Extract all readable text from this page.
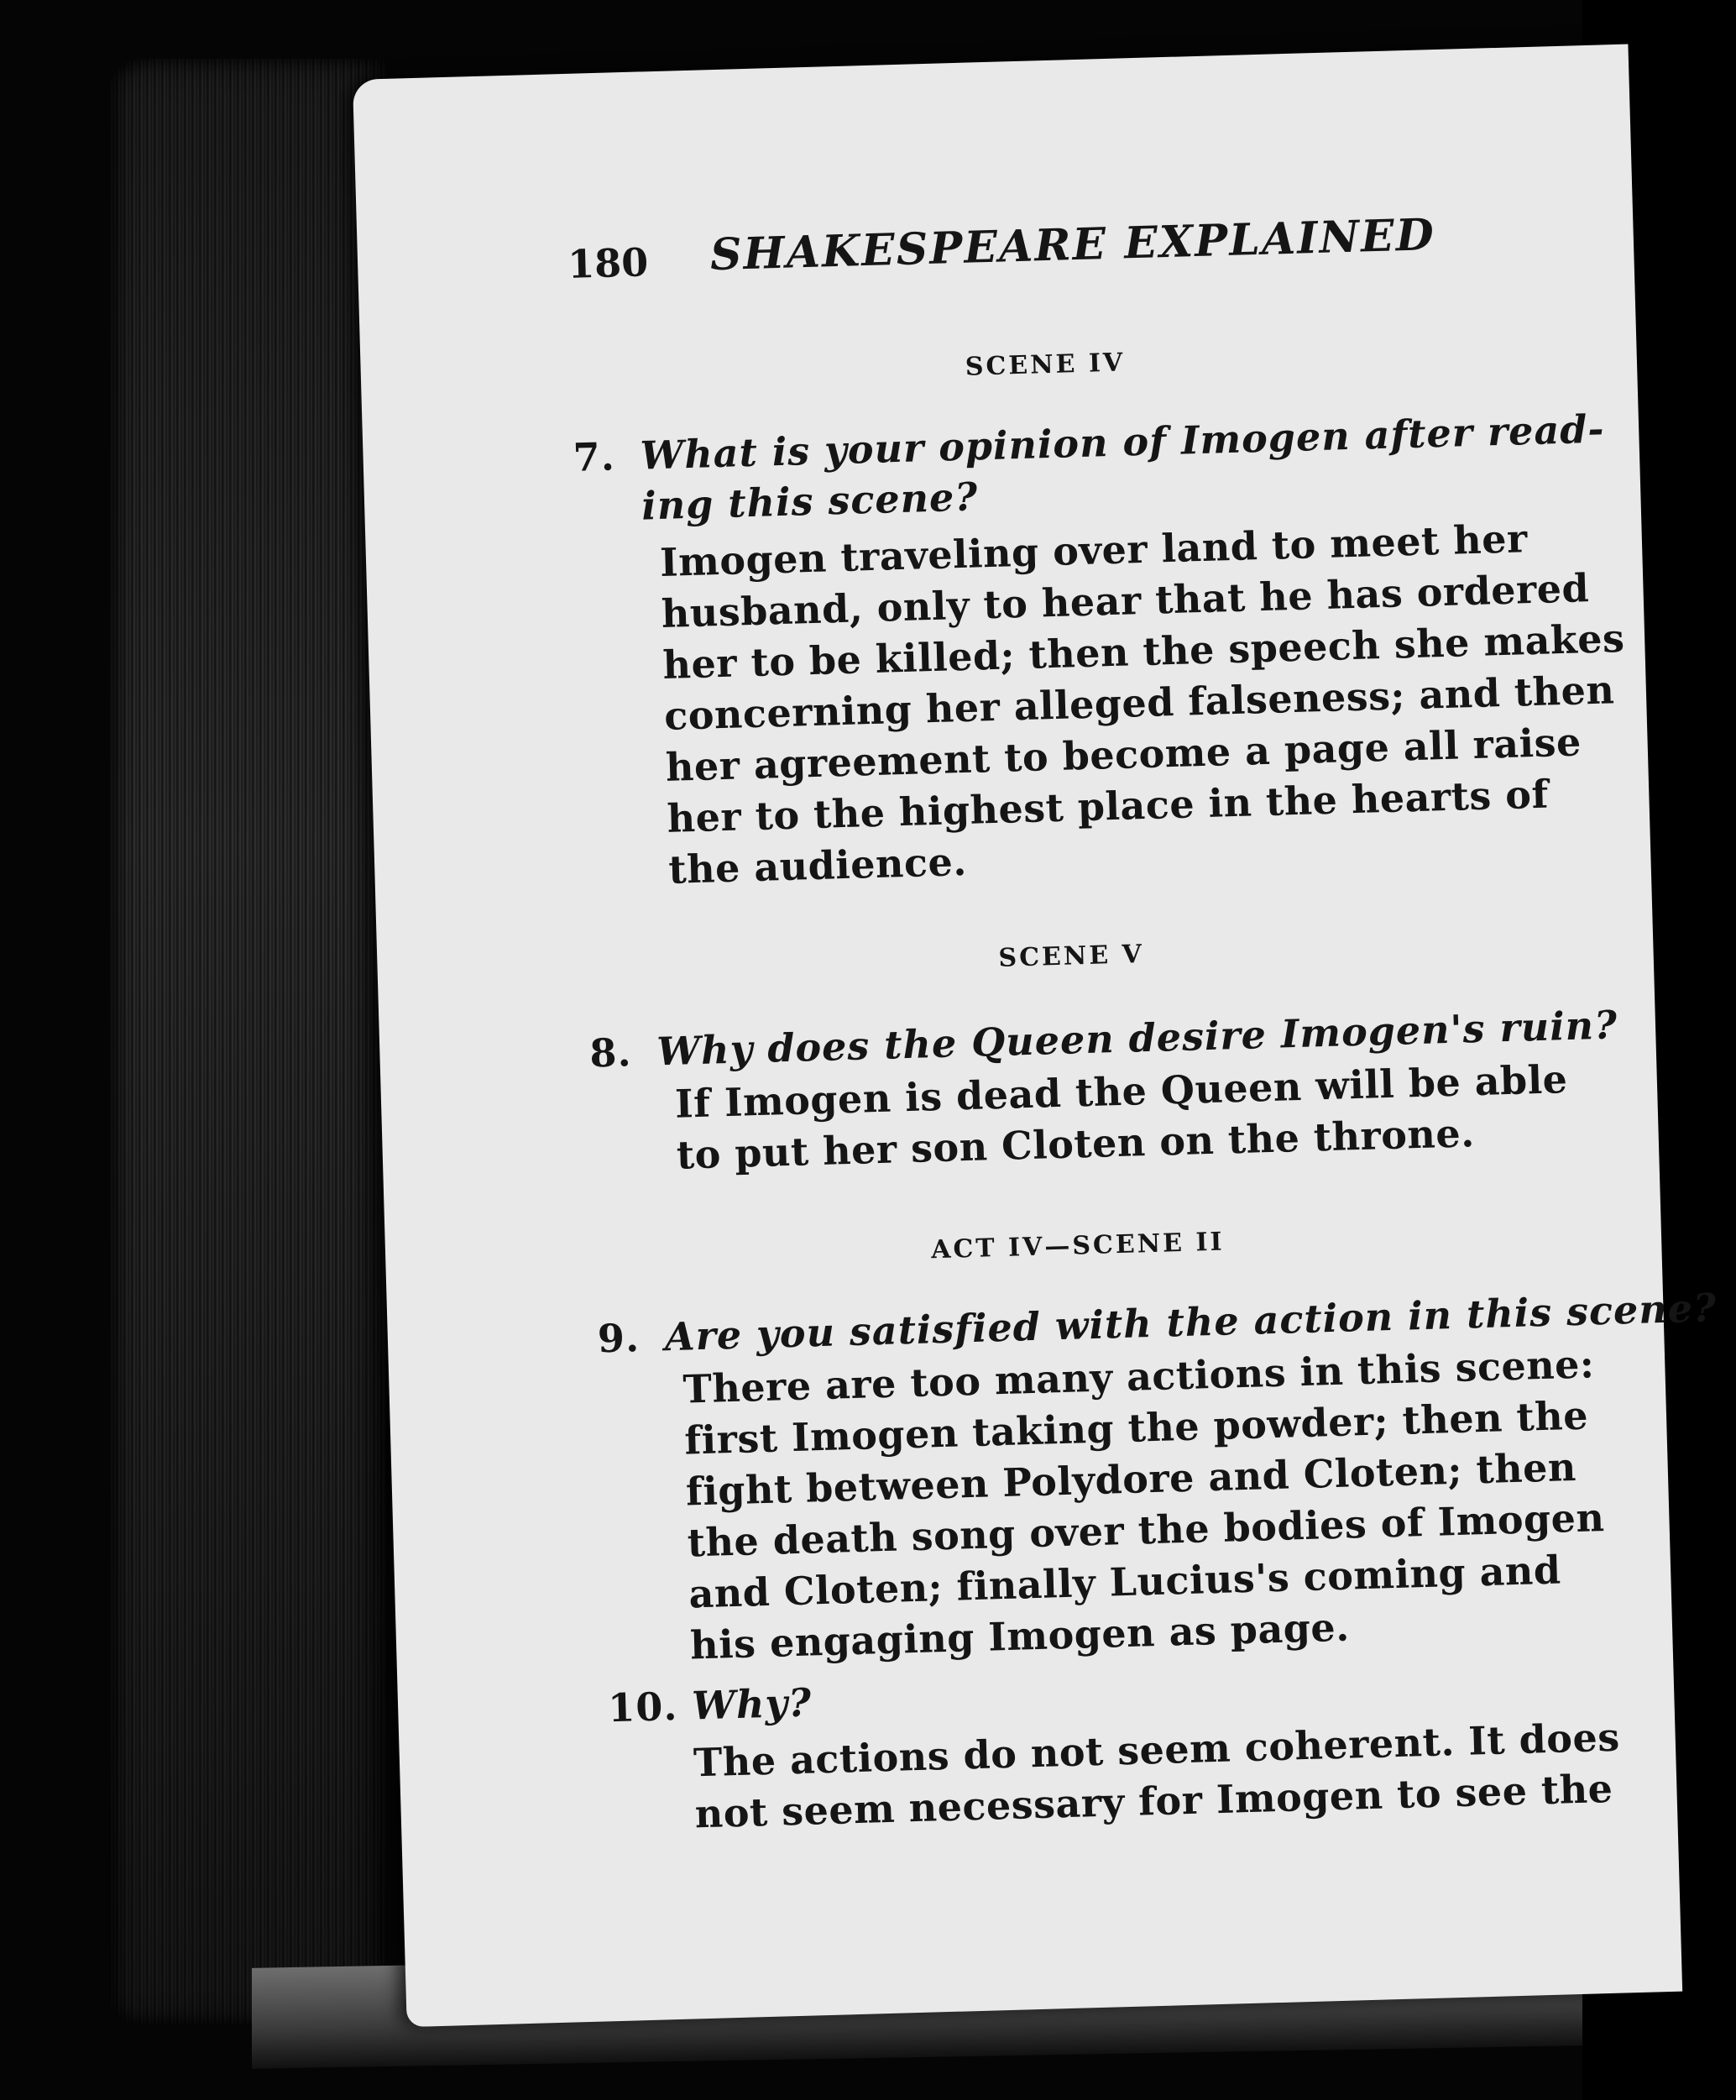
180 SHAKESPEARE EXPLAINED
SCENE IV
7. What is your opinion of Imogen after read-
ing this scene?
Imogen traveling over land to meet her
husband, only to hear that he has ordered
her to be killed; then the speech she makes
concerning her alleged falseness; and then
her agreement to become a page all raise
her to the highest place in the hearts of
the audience.
SCENE V
8. Why does the Queen desire Imogen's ruin?
If Imogen is dead the Queen will be able
to put her son Cloten on the throne.
ACT IV—SCENE II
9. Are you satisfied with the action in this scene?
There are too many actions in this scene:
first Imogen taking the powder; then the
fight between Polydore and Cloten; then
the death song over the bodies of Imogen
and Cloten; finally Lucius's coming and
his engaging Imogen as page.
10. Why?
The actions do not seem coherent. It does
not seem necessary for Imogen to see the
